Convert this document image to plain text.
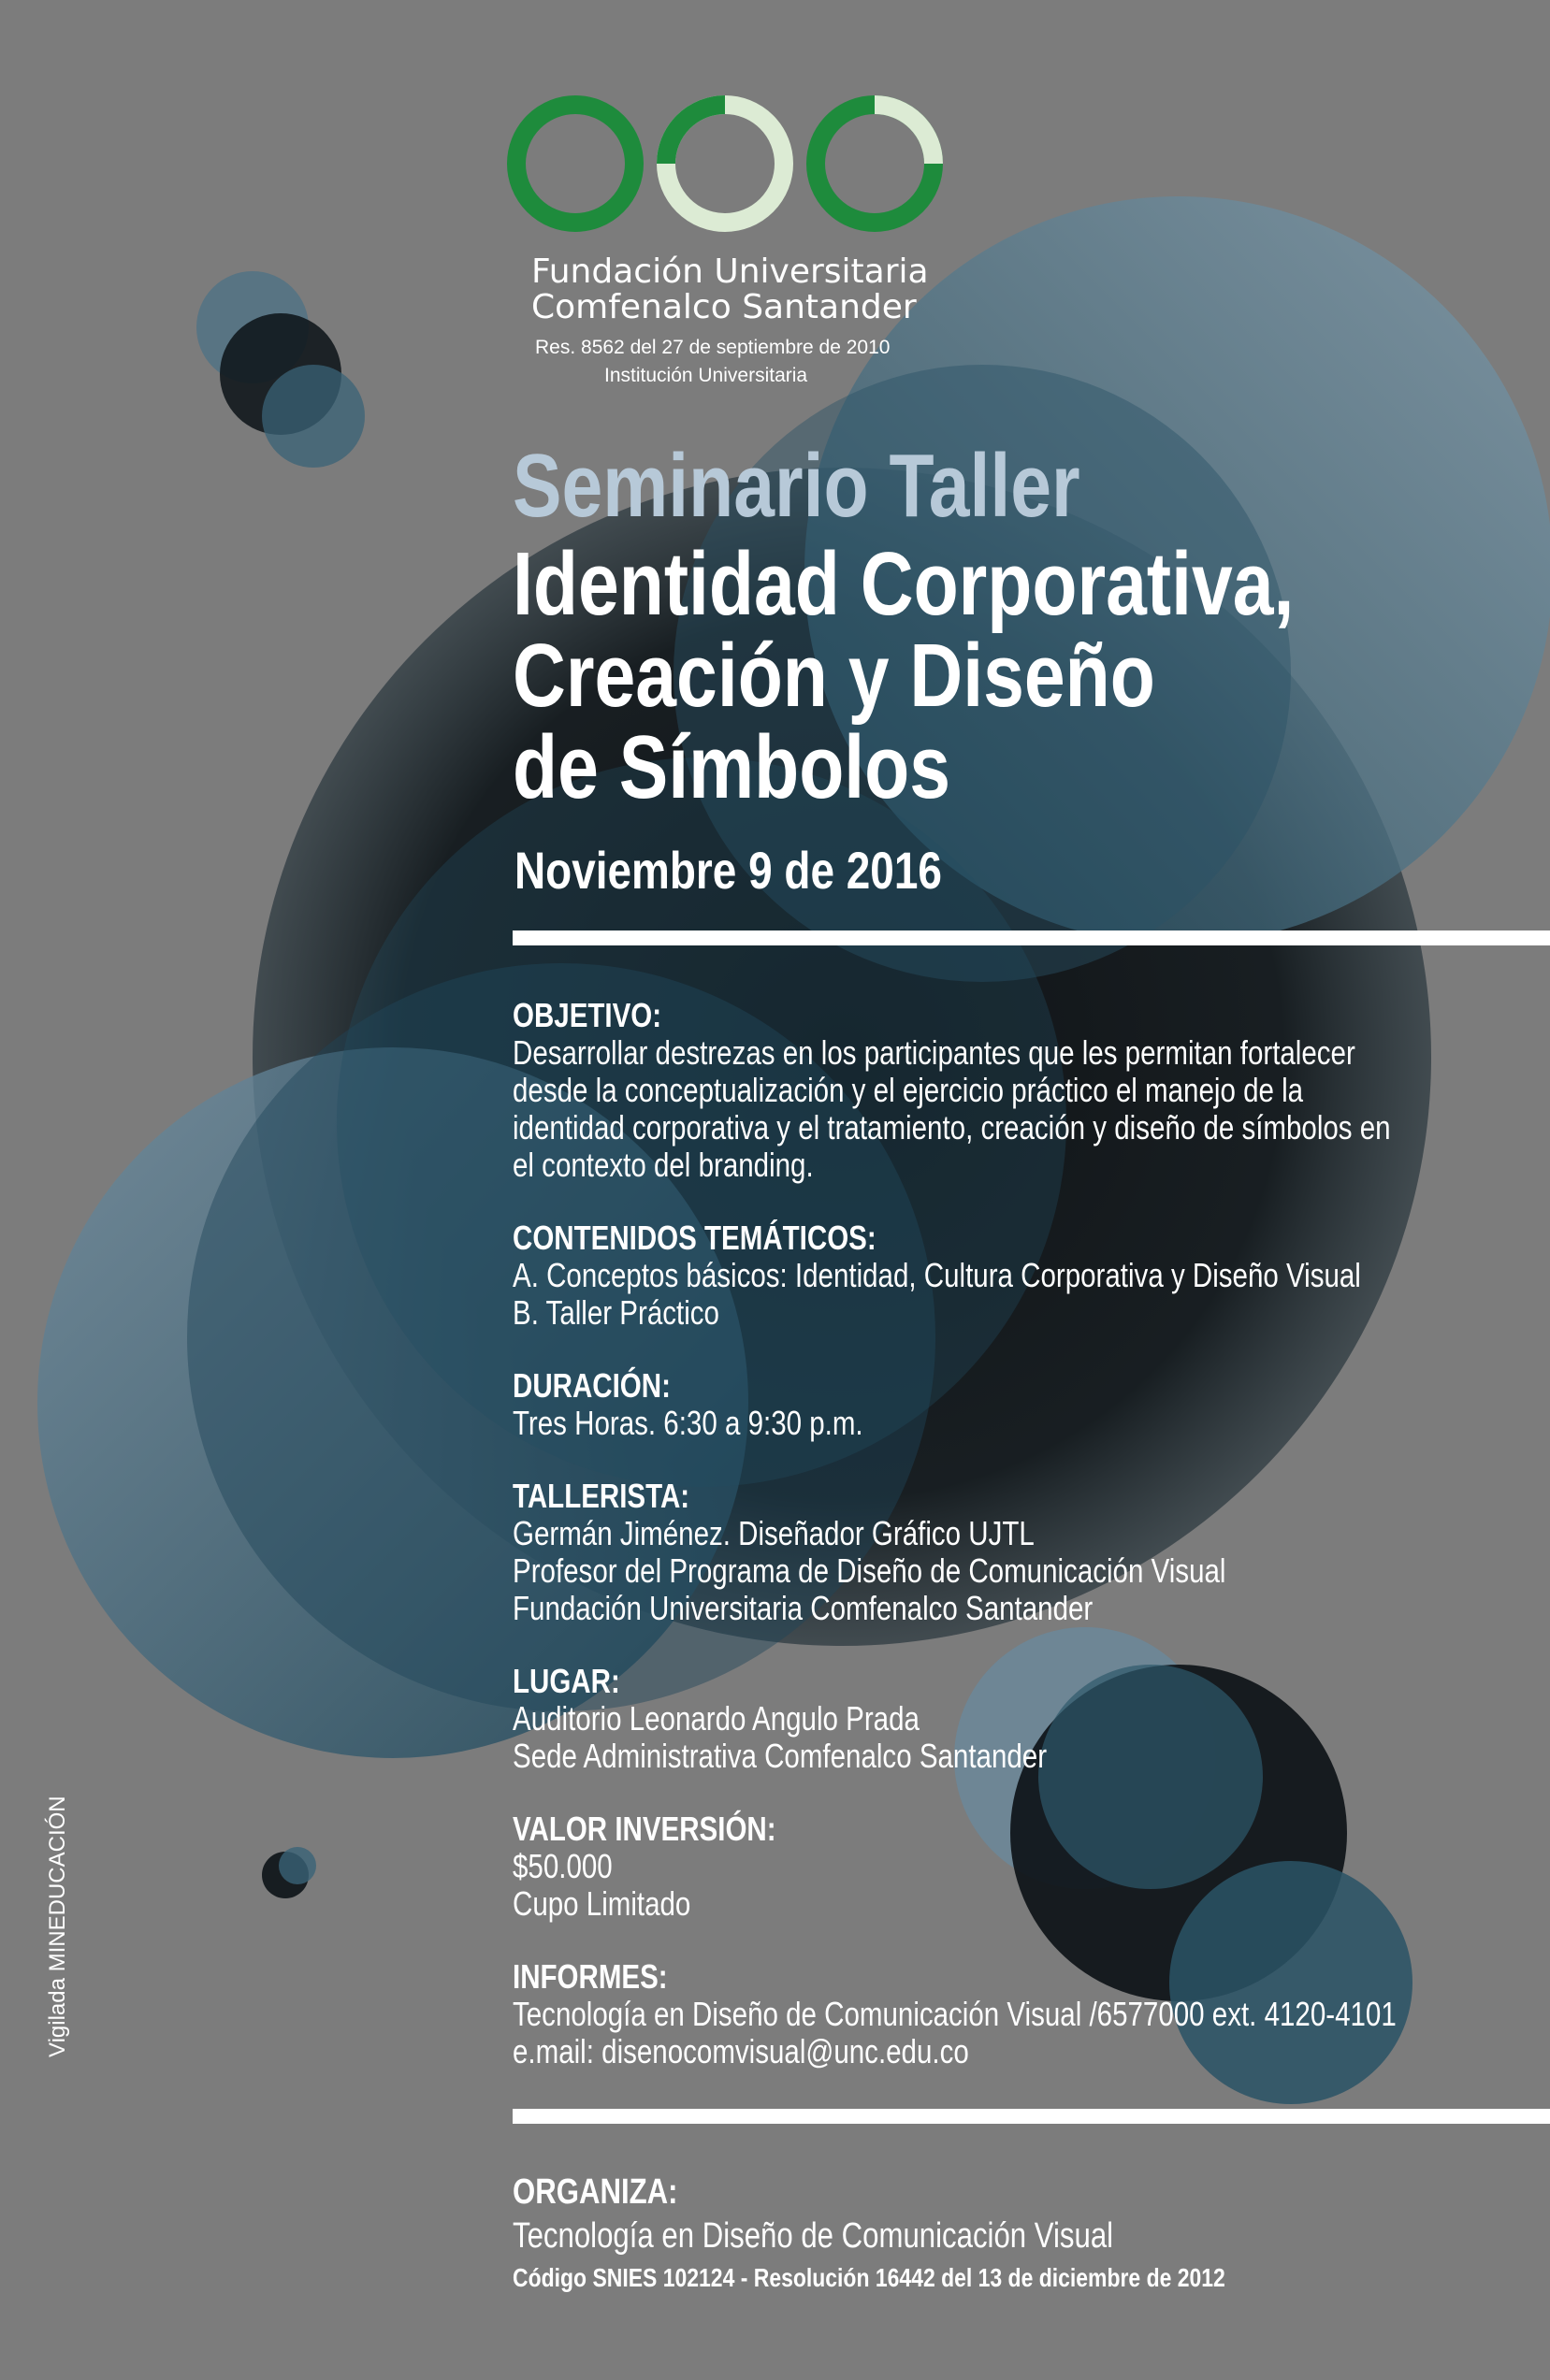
Fundación Universitaria
Comfenalco Santander
Res. 8562 del 27 de septiembre de 2010
Institución Universitaria
Seminario Taller
Identidad Corporativa,
Creación y Diseño
de Símbolos
Noviembre 9 de 2016
OBJETIVO:

Desarrollar destrezas en los participantes que les permitan fortalecer

desde la conceptualización y el ejercicio práctico el manejo de la

identidad corporativa y el tratamiento, creación y diseño de símbolos en

el contexto del branding.

CONTENIDOS TEMÁTICOS:

A. Conceptos básicos: Identidad, Cultura Corporativa y Diseño Visual

B. Taller Práctico

DURACIÓN:

Tres Horas. 6:30 a 9:30 p.m.

TALLERISTA:

Germán Jiménez. Diseñador Gráfico UJTL

Profesor del Programa de Diseño de Comunicación Visual

Fundación Universitaria Comfenalco Santander

LUGAR:

Auditorio Leonardo Angulo Prada

Sede Administrativa Comfenalco Santander

VALOR INVERSIÓN:

$50.000

Cupo Limitado

INFORMES:

Tecnología en Diseño de Comunicación Visual /6577000 ext. 4120-4101

e.mail: disenocomvisual@unc.edu.co

ORGANIZA:
Tecnología en Diseño de Comunicación Visual
Código SNIES 102124 - Resolución 16442 del 13 de diciembre de 2012
Vigilada MINEDUCACIÓN
